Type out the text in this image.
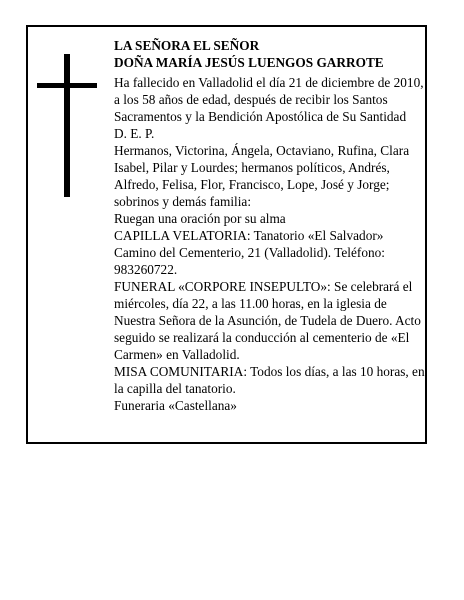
LA SEÑORA EL SEÑOR

DOÑA MARÍA JESÚS LUENGOS GARROTE

Ha fallecido en Valladolid el día 21 de diciembre de 2010, a los 58 años de edad, después de recibir los Santos Sacramentos y la Bendición Apostólica de Su Santidad

D. E. P.

Hermanos, Victorina, Ángela, Octaviano, Rufina, Clara Isabel, Pilar y Lourdes; hermanos políticos, Andrés, Alfredo, Felisa, Flor, Francisco, Lope, José y Jorge; sobrinos y demás familia:

Ruegan una oración por su alma

CAPILLA VELATORIA: Tanatorio «El Salvador» Camino del Cementerio, 21 (Valladolid). Teléfono: 983260722.

FUNERAL «CORPORE INSEPULTO»: Se celebrará el miércoles, día 22, a las 11.00 horas, en la iglesia de Nuestra Señora de la Asunción, de Tudela de Duero. Acto seguido se realizará la conducción al cementerio de «El Carmen» en Valladolid.

MISA COMUNITARIA: Todos los días, a las 10 horas, en la capilla del tanatorio.

Funeraria «Castellana»
